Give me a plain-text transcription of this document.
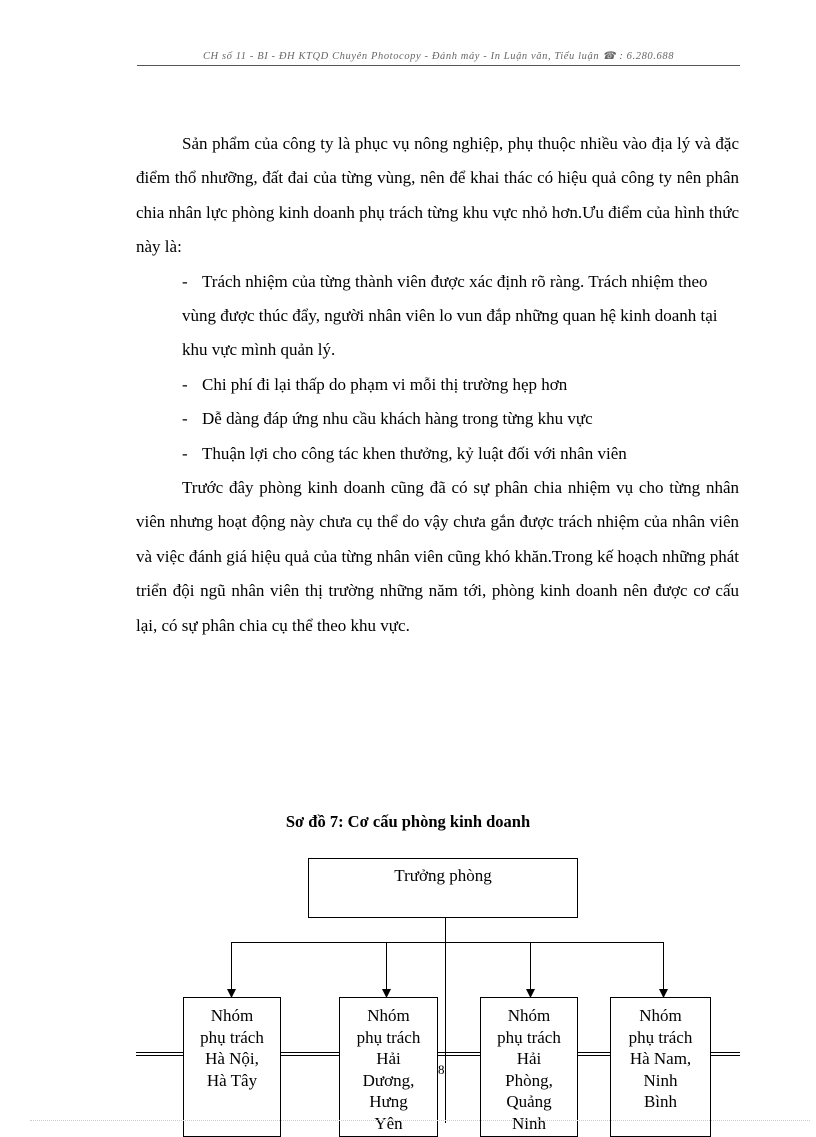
CH số 11 - BI - ĐH KTQD Chuyên Photocopy - Đánh máy - In Luận văn, Tiểu luận ☎ : 6.280.688

Sản phẩm của công ty là phục vụ nông nghiệp, phụ thuộc nhiều vào địa lý và đặc điểm thổ nhưỡng, đất đai của từng vùng, nên để khai thác có hiệu quả công ty nên phân chia nhân lực phòng kinh doanh phụ trách từng khu vực nhỏ hơn.Ưu điểm của hình thức này là:

- Trách nhiệm của từng thành viên được xác định rõ ràng. Trách nhiệm theo vùng được thúc đẩy, người nhân viên lo vun đắp những quan hệ kinh doanh tại khu vực mình quản lý.

- Chi phí đi lại thấp do phạm vi mỗi thị trường hẹp hơn

- Dễ dàng đáp ứng nhu cầu khách hàng trong từng khu vực

- Thuận lợi cho công tác khen thưởng, kỷ luật đối với nhân viên

Trước đây phòng kinh doanh cũng đã có sự phân chia nhiệm vụ cho từng nhân viên nhưng hoạt động này chưa cụ thể do vậy chưa gắn được trách nhiệm của nhân viên và việc đánh giá hiệu quả của từng nhân viên cũng khó khăn.Trong kế hoạch những phát triển đội ngũ nhân viên thị trường những năm tới, phòng kinh doanh nên được cơ cấu lại, có sự phân chia cụ thể theo khu vực.

Sơ đồ 7: Cơ cấu phòng kinh doanh
Trưởng phòng
Nhóm
phụ trách
Hà Nội,
Hà Tây
Nhóm
phụ trách
Hải
Dương,
Hưng
Yên
Nhóm
phụ trách
Hải
Phòng,
Quảng
Ninh
Nhóm
phụ trách
Hà Nam,
Ninh
Bình
8
